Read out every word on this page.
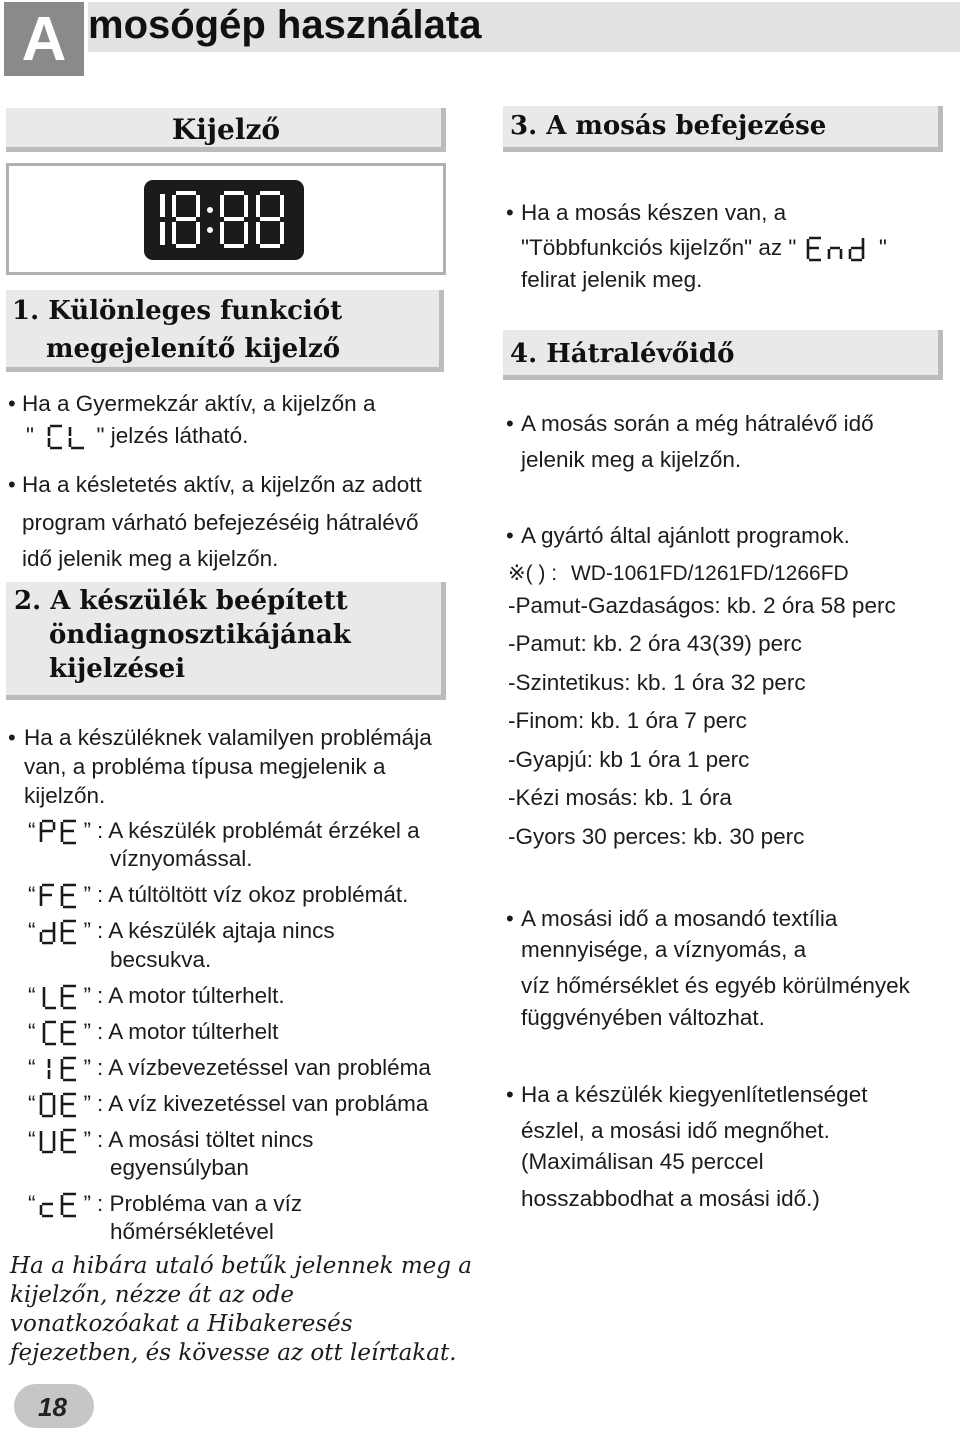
A mosógép használata
Kijelző
1. Különleges funkciót
megejelenítő kijelző
• Ha a Gyermekzár aktív, a kijelzőn a
"	" jelzés látható.
• Ha a késletetés aktív, a kijelzőn az adott
program várható befejezéséig hátralévő
idő jelenik meg a kijelzőn.
2. A készülék beépített
öndiagnosztikájának
kijelzései
• Ha a készüléknek valamilyen problémája
van, a probléma típusa megjelenik a
kijelzőn.
“ ” : A készülék problémát érzékel a
víznyomással.
“ ” : A túltöltött víz okoz problémát.
“ ” : A készülék ajtaja nincs
becsukva.
“ ” : A motor túlterhelt.
“ ” : A motor túlterhelt
“ ” : A vízbevezetéssel van probléma
“ ” : A víz kivezetéssel van probláma
“ ” : A mosási töltet nincs
egyensúlyban
“ ” : Probléma van a víz
hőmérsékletével
Ha a hibára utaló betűk jelennek meg a
kijelzőn, nézze át az ode
vonatkozóakat a Hibakeresés
fejezetben, és kövesse az ott leírtakat.
3. A mosás befejezése
• Ha a mosás készen van, a
"Többfunkciós kijelzőn" az "	"
felirat jelenik meg.
4. Hátralévőidő
• A mosás során a még hátralévő idő
jelenik meg a kijelzőn.
• A gyártó által ajánlott programok.
※( ) : WD-1061FD/1261FD/1266FD
-Pamut-Gazdaságos: kb. 2 óra 58 perc
-Pamut: kb. 2 óra 43(39) perc
-Szintetikus: kb. 1 óra 32 perc
-Finom: kb. 1 óra 7 perc
-Gyapjú: kb 1 óra 1 perc
-Kézi mosás: kb. 1 óra
-Gyors 30 perces: kb. 30 perc
• A mosási idő a mosandó textília
mennyisége, a víznyomás, a
víz hőmérséklet és egyéb körülmények
függvényében változhat.
• Ha a készülék kiegyenlítetlenséget
észlel, a mosási idő megnőhet.
(Maximálisan 45 perccel
hosszabbodhat a mosási idő.)
18
